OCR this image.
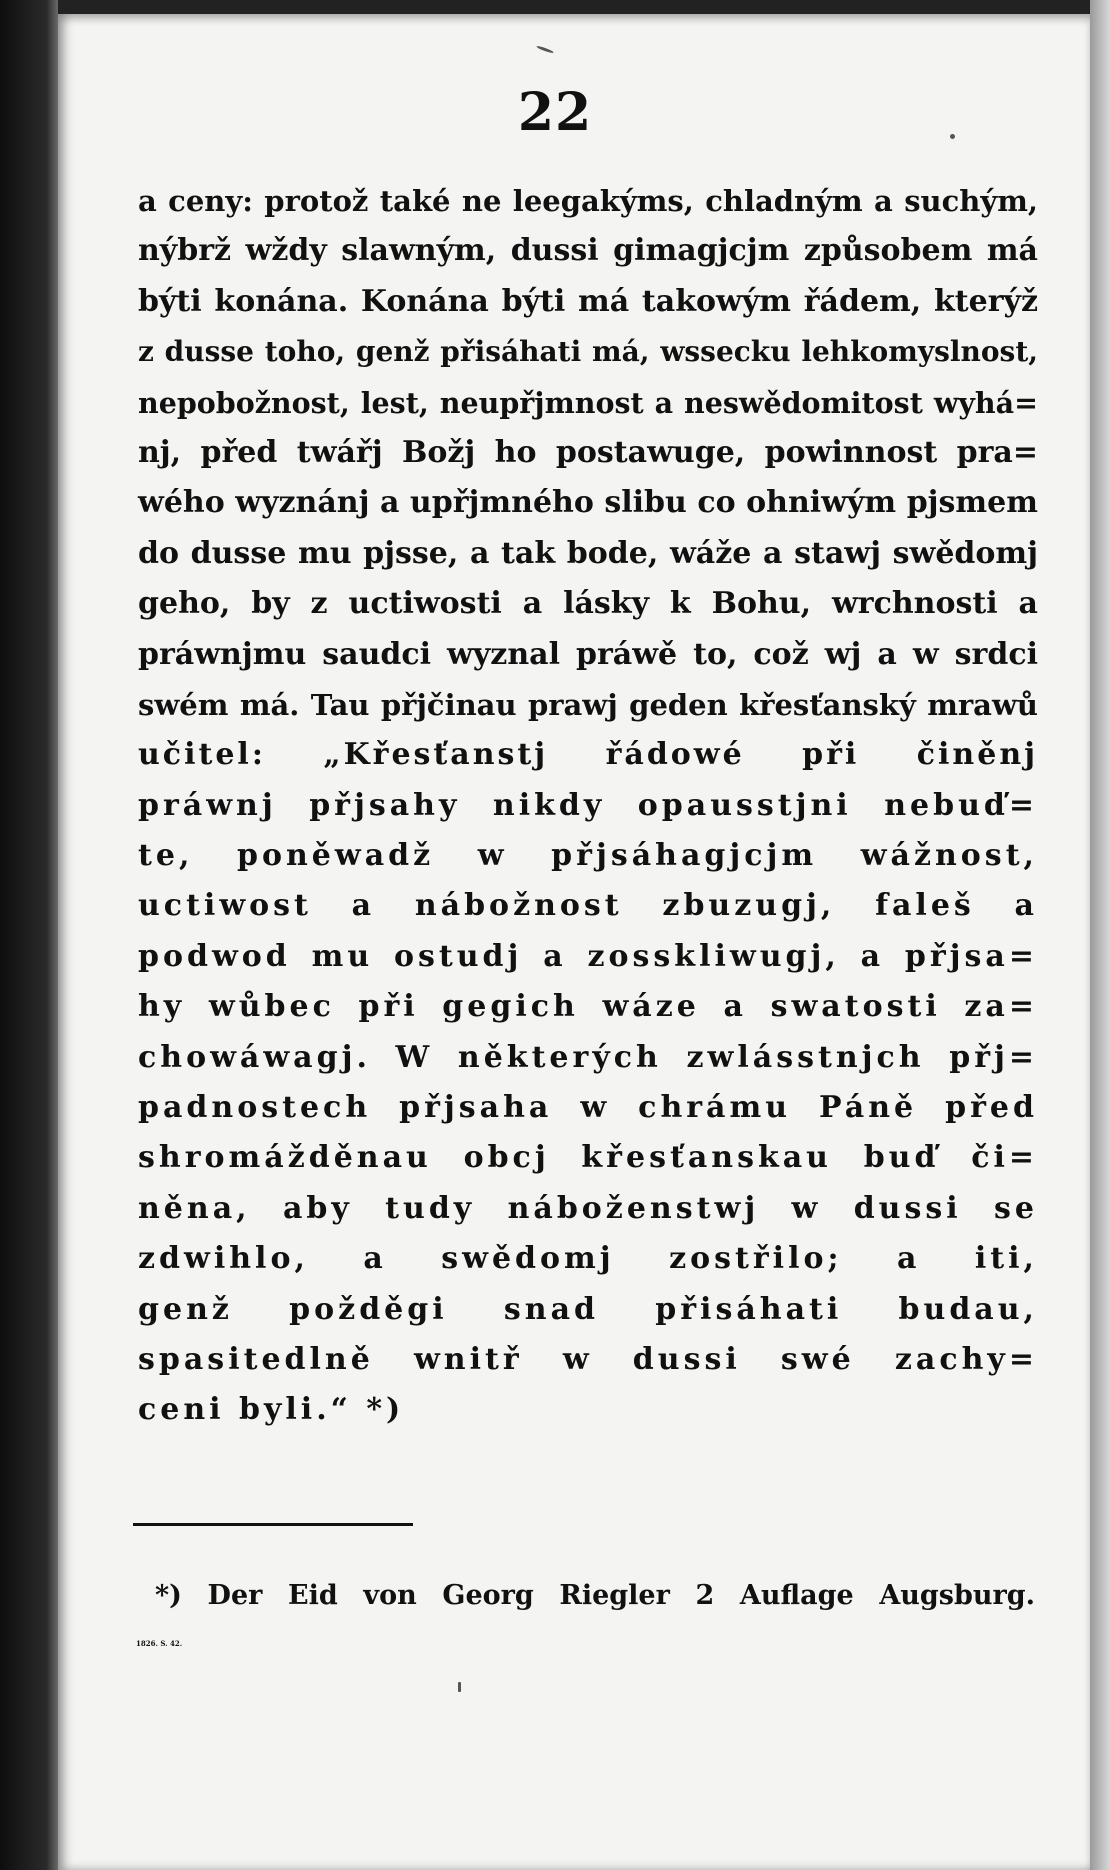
22
a ceny: protož také ne leegakýms, chladným a suchým,
nýbrž wždy slawným, dussi gimagjcjm způsobem má
býti konána. Konána býti má takowým řádem, kterýž
z dusse toho, genž přisáhati má, wssecku lehkomyslnost,
nepobožnost, lest, neupřjmnost a neswědomitost wyhá=
nj, před twářj Božj ho postawuge, powinnost pra=
wého wyznánj a upřjmného slibu co ohniwým pjsmem
do dusse mu pjsse, a tak bode, wáže a stawj swědomj
geho, by z uctiwosti a lásky k Bohu, wrchnosti a
práwnjmu saudci wyznal práwě to, což wj a w srdci
swém má. Tau přjčinau prawj geden křesťanský mrawů
učitel: „Křesťanstj řádowé při činěnj
práwnj přjsahy nikdy opausstjni nebuď=
te, poněwadž w přjsáhagjcjm wážnost,
uctiwost a nábožnost zbuzugj, faleš a
podwod mu ostudj a zosskliwugj, a přjsa=
hy wůbec při gegich wáze a swatosti za=
chowáwagj. W některých zwlásstnjch přj=
padnostech přjsaha w chrámu Páně před
shromážděnau obcj křesťanskau buď či=
něna, aby tudy náboženstwj w dussi se
zdwihlo, a swědomj zostřilo; a iti,
genž požděgi snad přisáhati budau,
spasitedlně wnitř w dussi swé zachy=
ceni byli.“ *)
*) Der Eid von Georg Riegler 2 Auflage Augsburg.
1826. S. 42.
